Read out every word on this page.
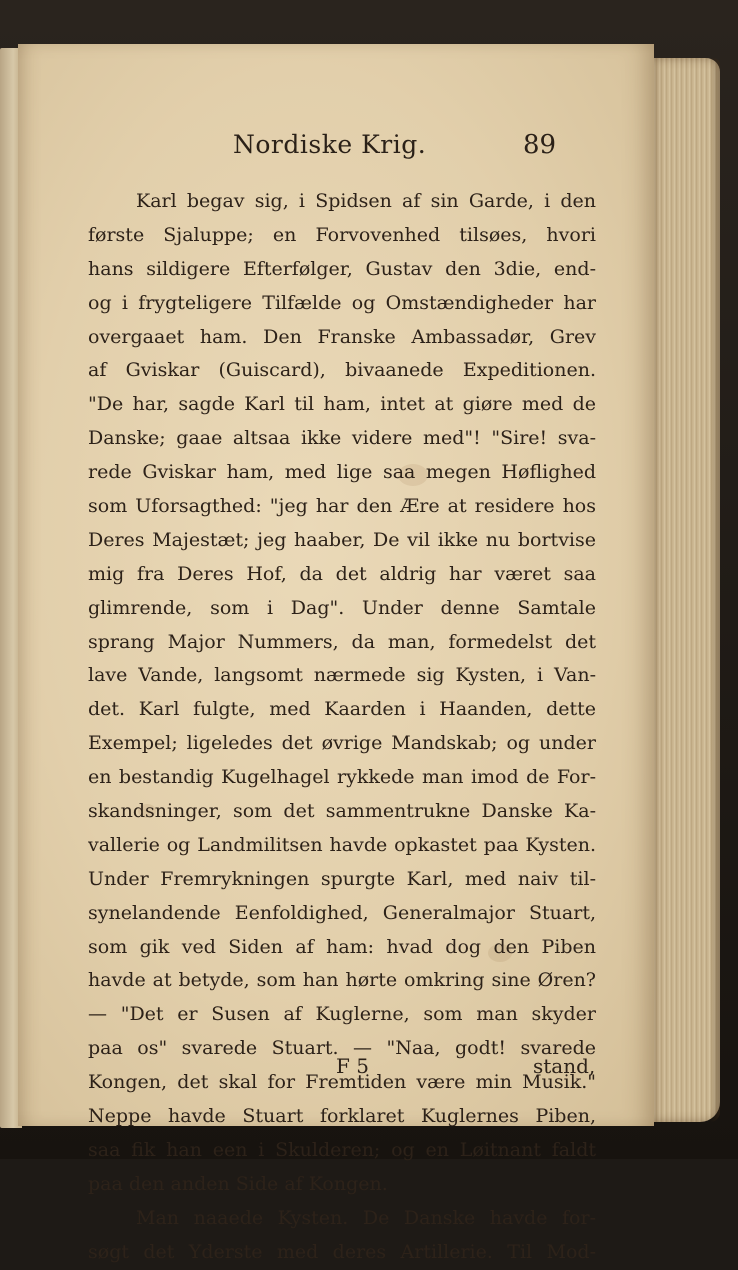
Nordiske Krig.	89
Karl begav sig, i Spidsen af sin Garde, i den
første Sjaluppe; en Forvovenhed tilsøes, hvori
hans sildigere Efterfølger, Gustav den 3die, end-
og i frygteligere Tilfælde og Omstændigheder har
overgaaet ham. Den Franske Ambassadør, Grev
af Gviskar (Guiscard), bivaanede Expeditionen.
"De har, sagde Karl til ham, intet at giøre med de
Danske; gaae altsaa ikke videre med"! "Sire! sva-
rede Gviskar ham, med lige saa megen Høflighed
som Uforsagthed: "jeg har den Ære at residere hos
Deres Majestæt; jeg haaber, De vil ikke nu bortvise
mig fra Deres Hof, da det aldrig har været saa
glimrende, som i Dag". Under denne Samtale
sprang Major Nummers, da man, formedelst det
lave Vande, langsomt nærmede sig Kysten, i Van-
det. Karl fulgte, med Kaarden i Haanden, dette
Exempel; ligeledes det øvrige Mandskab; og under
en bestandig Kugelhagel rykkede man imod de For-
skandsninger, som det sammentrukne Danske Ka-
vallerie og Landmilitsen havde opkastet paa Kysten.
Under Fremrykningen spurgte Karl, med naiv til-
synelandende Eenfoldighed, Generalmajor Stuart,
som gik ved Siden af ham: hvad dog den Piben
havde at betyde, som han hørte omkring sine Øren?
— "Det er Susen af Kuglerne, som man skyder
paa os" svarede Stuart. — "Naa, godt! svarede
Kongen, det skal for Fremtiden være min Musik."
Neppe havde Stuart forklaret Kuglernes Piben,
saa fik han een i Skulderen; og en Løitnant faldt
paa den anden Side af Kongen.
Man naaede Kysten. De Danske havde for-
søgt det Yderste med deres Artillerie. Til Mod-
F 5	stand,
